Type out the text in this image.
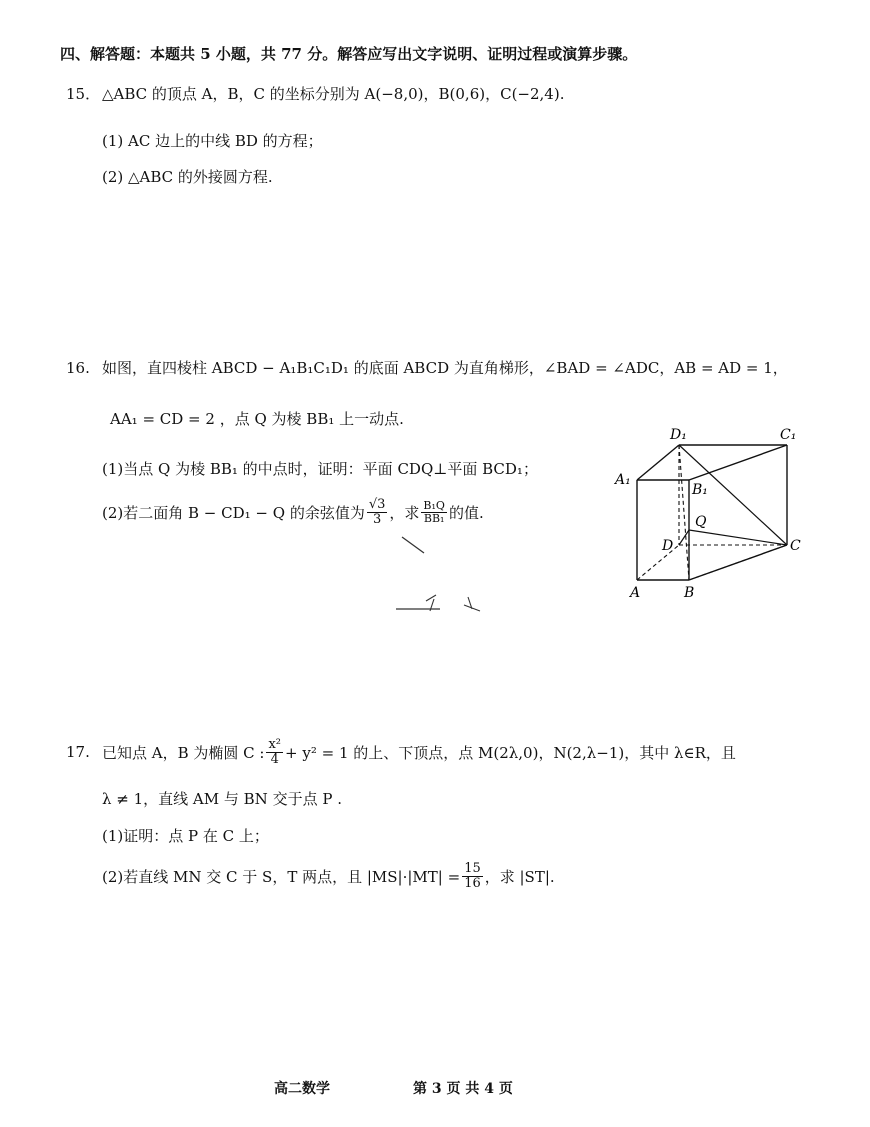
四、解答题：本题共 5 小题，共 77 分。解答应写出文字说明、证明过程或演算步骤。
15． △ABC 的顶点 A，B，C 的坐标分别为 A(−8,0)，B(0,6)，C(−2,4).
(1) AC 边上的中线 BD 的方程；
(2) △ABC 的外接圆方程.
16. 如图，直四棱柱 ABCD − A₁B₁C₁D₁ 的底面 ABCD 为直角梯形，∠BAD = ∠ADC，AB = AD = 1，
AA₁ = CD = 2 ，点 Q 为棱 BB₁ 上一动点.
(1)当点 Q 为棱 BB₁ 的中点时，证明：平面 CDQ⊥平面 BCD₁；
(2)若二面角 B − CD₁ − Q 的余弦值为 $\frac{√3}{3}$ ，求 $\frac{\text{B₁Q}}{\text{BB₁}}$ 的值.
D₁	C₁
A₁
B₁
Q
D	C
A	B
17. 已知点 A，B 为椭圆 C : $\frac{\text{x²}}{4} + y^2 = 1$ 的上、下顶点，点 M(2λ,0)，N(2,λ−1)，其中 λ∈R，且
λ ≠ 1，直线 AM 与 BN 交于点 P .
(1)证明：点 P 在 C 上；
(2)若直线 MN 交 C 于 S，T 两点，且 $|MS|\cdot|MT| = \frac{15}{16}$ ，求 |ST|.
高二数学	第 3 页 共 4 页
